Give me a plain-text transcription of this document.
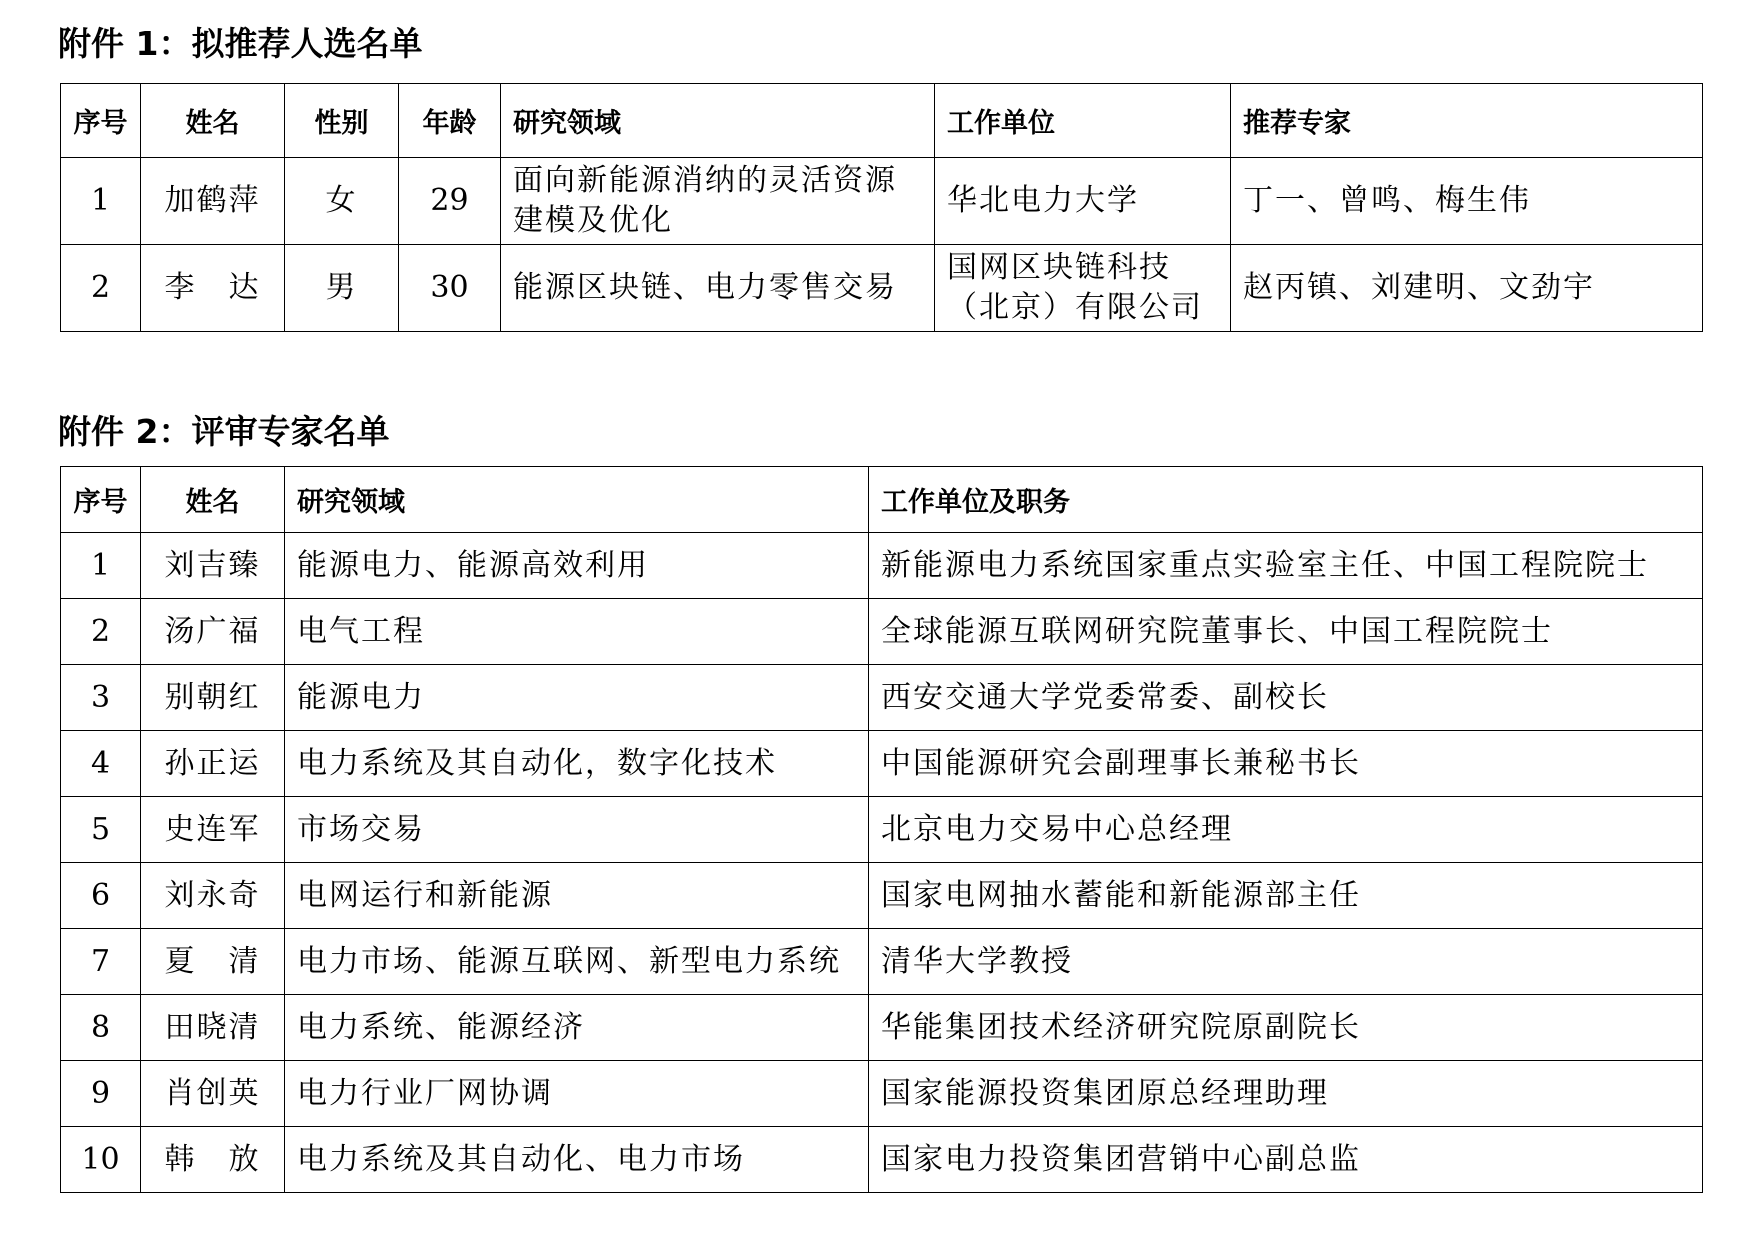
附件 1：拟推荐人选名单
序号	姓名	性别	年龄	研究领域	工作单位	推荐专家
1	加鹤萍	女	29	面向新能源消纳的灵活资源建模及优化	华北电力大学	丁一、曾鸣、梅生伟
2	李　达	男	30	能源区块链、电力零售交易	国网区块链科技（北京）有限公司	赵丙镇、刘建明、文劲宇
附件 2：评审专家名单
序号	姓名	研究领域	工作单位及职务
1	刘吉臻	能源电力、能源高效利用	新能源电力系统国家重点实验室主任、中国工程院院士
2	汤广福	电气工程	全球能源互联网研究院董事长、中国工程院院士
3	别朝红	能源电力	西安交通大学党委常委、副校长
4	孙正运	电力系统及其自动化，数字化技术	中国能源研究会副理事长兼秘书长
5	史连军	市场交易	北京电力交易中心总经理
6	刘永奇	电网运行和新能源	国家电网抽水蓄能和新能源部主任
7	夏　清	电力市场、能源互联网、新型电力系统	清华大学教授
8	田晓清	电力系统、能源经济	华能集团技术经济研究院原副院长
9	肖创英	电力行业厂网协调	国家能源投资集团原总经理助理
10	韩　放	电力系统及其自动化、电力市场	国家电力投资集团营销中心副总监
